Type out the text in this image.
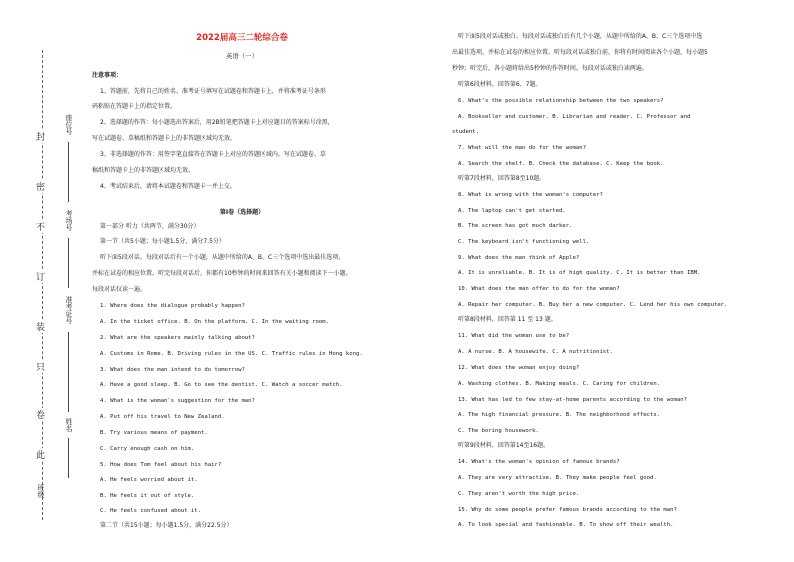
封
密
不
订
装
只
卷
此
座位号
考场号
准考证号
姓名
班级
2022届高三二轮综合卷
英语（一）
注意事项：
1、答题前，先将自己的姓名、准考证号填写在试题卷和答题卡上，并将准考证号条形
码粘贴在答题卡上的指定位置。
2、选择题的作答：每小题选出答案后，用2B铅笔把答题卡上对应题目的答案标号涂黑，
写在试题卷、草稿纸和答题卡上的非答题区域均无效。
3、非选择题的作答：用签字笔直接答在答题卡上对应的答题区域内。写在试题卷、草
稿纸和答题卡上的非答题区域均无效。
4、考试结束后，请将本试题卷和答题卡一并上交。
第Ⅰ卷（选择题）
第一部分 听力（共两节，满分30分）
第一节（共5小题；每小题1.5分，满分7.5分）
听下面5段对话。每段对话后有一个小题，从题中所给的A、B、C三个选项中选出最佳选项，
并标在试卷的相应位置。听完每段对话后，你都有10秒钟的时间来回答有关小题和阅读下一小题。
每段对话仅读一遍。
1. Where does the dialogue probably happen?
A. In the ticket office. B. On the platform. C. In the waiting room.
2. What are the speakers mainly talking about?
A. Customs in Rome. B. Driving rules in the US. C. Traffic rules in Hong kong.
3. What does the man intend to do tomorrow?
A. Have a good sleep. B. Go to see the dentist. C. Watch a soccer match.
4. What is the woman's suggestion for the man?
A. Put off his travel to New Zealand.
B. Try various means of payment.
C. Carry enough cash on him.
5. How does Tom feel about his hair?
A. He feels worried about it.
B. He feels it out of style.
C. He feels confused about it.
第二节（共15小题；每小题1.5分，满分22.5分）
听下面5段对话或独白。每段对话或独白后有几个小题，从题中所给的A、B、C三个选项中选
出最佳选项，并标在试卷的相应位置。听每段对话或独白前，你将有时间阅读各个小题，每小题5
秒钟；听完后，各小题将给出5秒钟的作答时间。每段对话或独白读两遍。
听第6段材料，回答第6、7题。
6. What's the possible relationship between the two speakers?
A. Bookseller and customer. B. Librarian and reader. C. Professor and
student.
7. What will the man do for the woman?
A. Search the shelf. B. Check the database. C. Keep the book.
听第7段材料，回答第8至10题。
8. What is wrong with the woman's computer?
A. The laptop can't get started.
B. The screen has got much darker.
C. The keyboard isn't functioning well.
9. What does the man think of Apple?
A. It is unreliable. B. It is of high quality. C. It is better than IBM.
10. What does the man offer to do for the woman?
A. Repair her computer. B. Buy her a new computer. C. Lend her his own computer.
听第8段材料，回答第 11 至 13 题。
11. What did the woman use to be?
A. A nurse. B. A housewife. C. A nutritionist.
12. What does the woman enjoy doing?
A. Washing clothes. B. Making meals. C. Caring for children.
13. What has led to few stay-at-home parents according to the woman?
A. The high financial pressure. B. The neighborhood effects.
C. The boring housework.
听第9段材料，回答第14至16题。
14. What's the woman's opinion of famous brands?
A. They are very attractive. B. They make people feel good.
C. They aren't worth the high price.
15. Why do some people prefer famous brands according to the man?
A. To look special and fashionable. B. To show off their wealth.
